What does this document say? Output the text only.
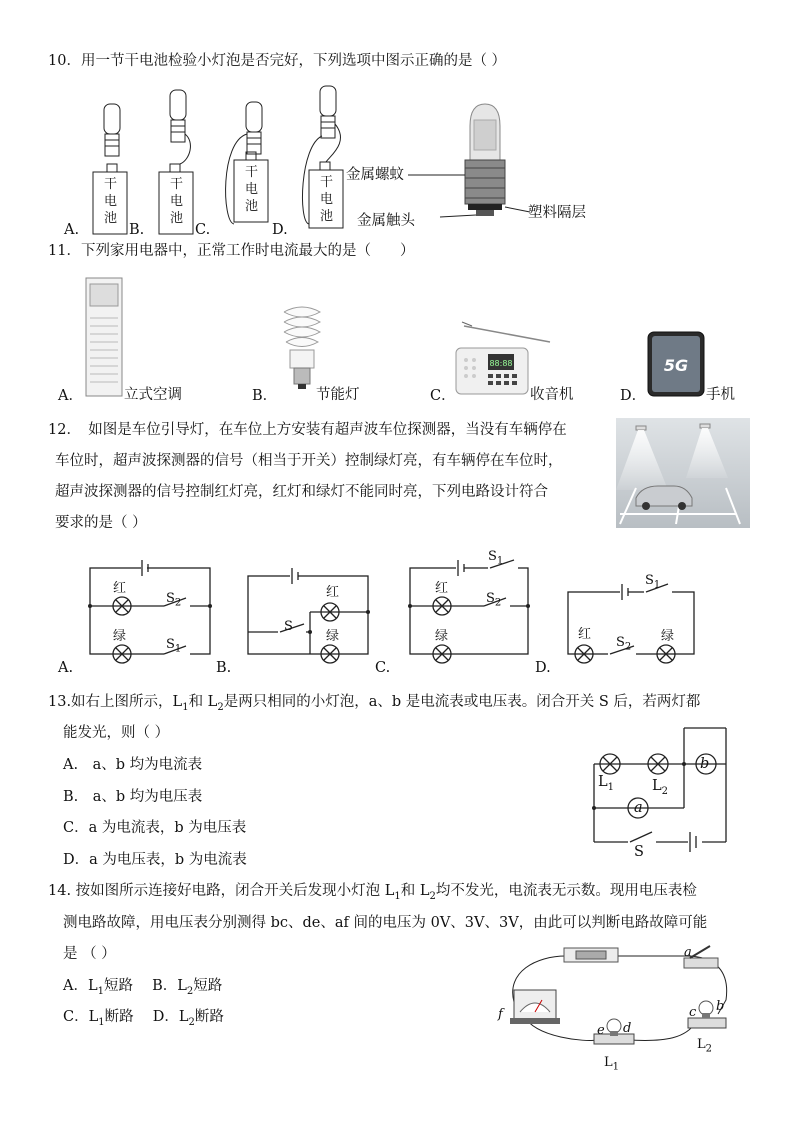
10．用一节干电池检验小灯泡是否完好，下列选项中图示正确的是（ ）
A.	B.	C.	D.
干
电
池
干
电
池
干
电
池
干
电
池
金属螺蚊
金属触头	塑料隔层
11．下列家用电器中，正常工作时电流最大的是（　　）
88:88	5G
A．	立式空调	B．	节能灯	C．	收音机	D．	手机
12．　如图是车位引导灯，在车位上方安装有超声波车位探测器，当没有车辆停在
车位时，超声波探测器的信号（相当于开关）控制绿灯亮，有车辆停在车位时，
超声波探测器的信号控制红灯亮，红灯和绿灯不能同时亮，下列电路设计符合
要求的是（ ）
红
$S_2$
绿
$S_1$
红
S
绿
$S_1$
红
$S_2$
绿
$S_1$
红
$S_2$
绿
A.	B.	C.	D.
13.如右上图所示，$L_1$和 $L_2$是两只相同的小灯泡，a、b 是电流表或电压表。闭合开关 S 后，若两灯都
能发光，则（ ）
A.　a、b 均为电流表
B.　a、b 均为电压表
C．a 为电流表，b 为电压表
D．a 为电压表，b 为电流表
b
a
$L_1$	$L_2$
S
14. 按如图所示连接好电路，闭合开关后发现小灯泡 $L_1$和 $L_2$均不发光，电流表无示数。现用电压表检
测电路故障，用电压表分别测得 bc、de、af 间的电压为 0V、3V、3V，由此可以判断电路故障可能
是 （ ）
A．$L_1$短路　 B．$L_2$短路
C．$L_1$断路　 D．$L_2$断路
a
b
c
d
e
f
$L_1$
$L_2$
